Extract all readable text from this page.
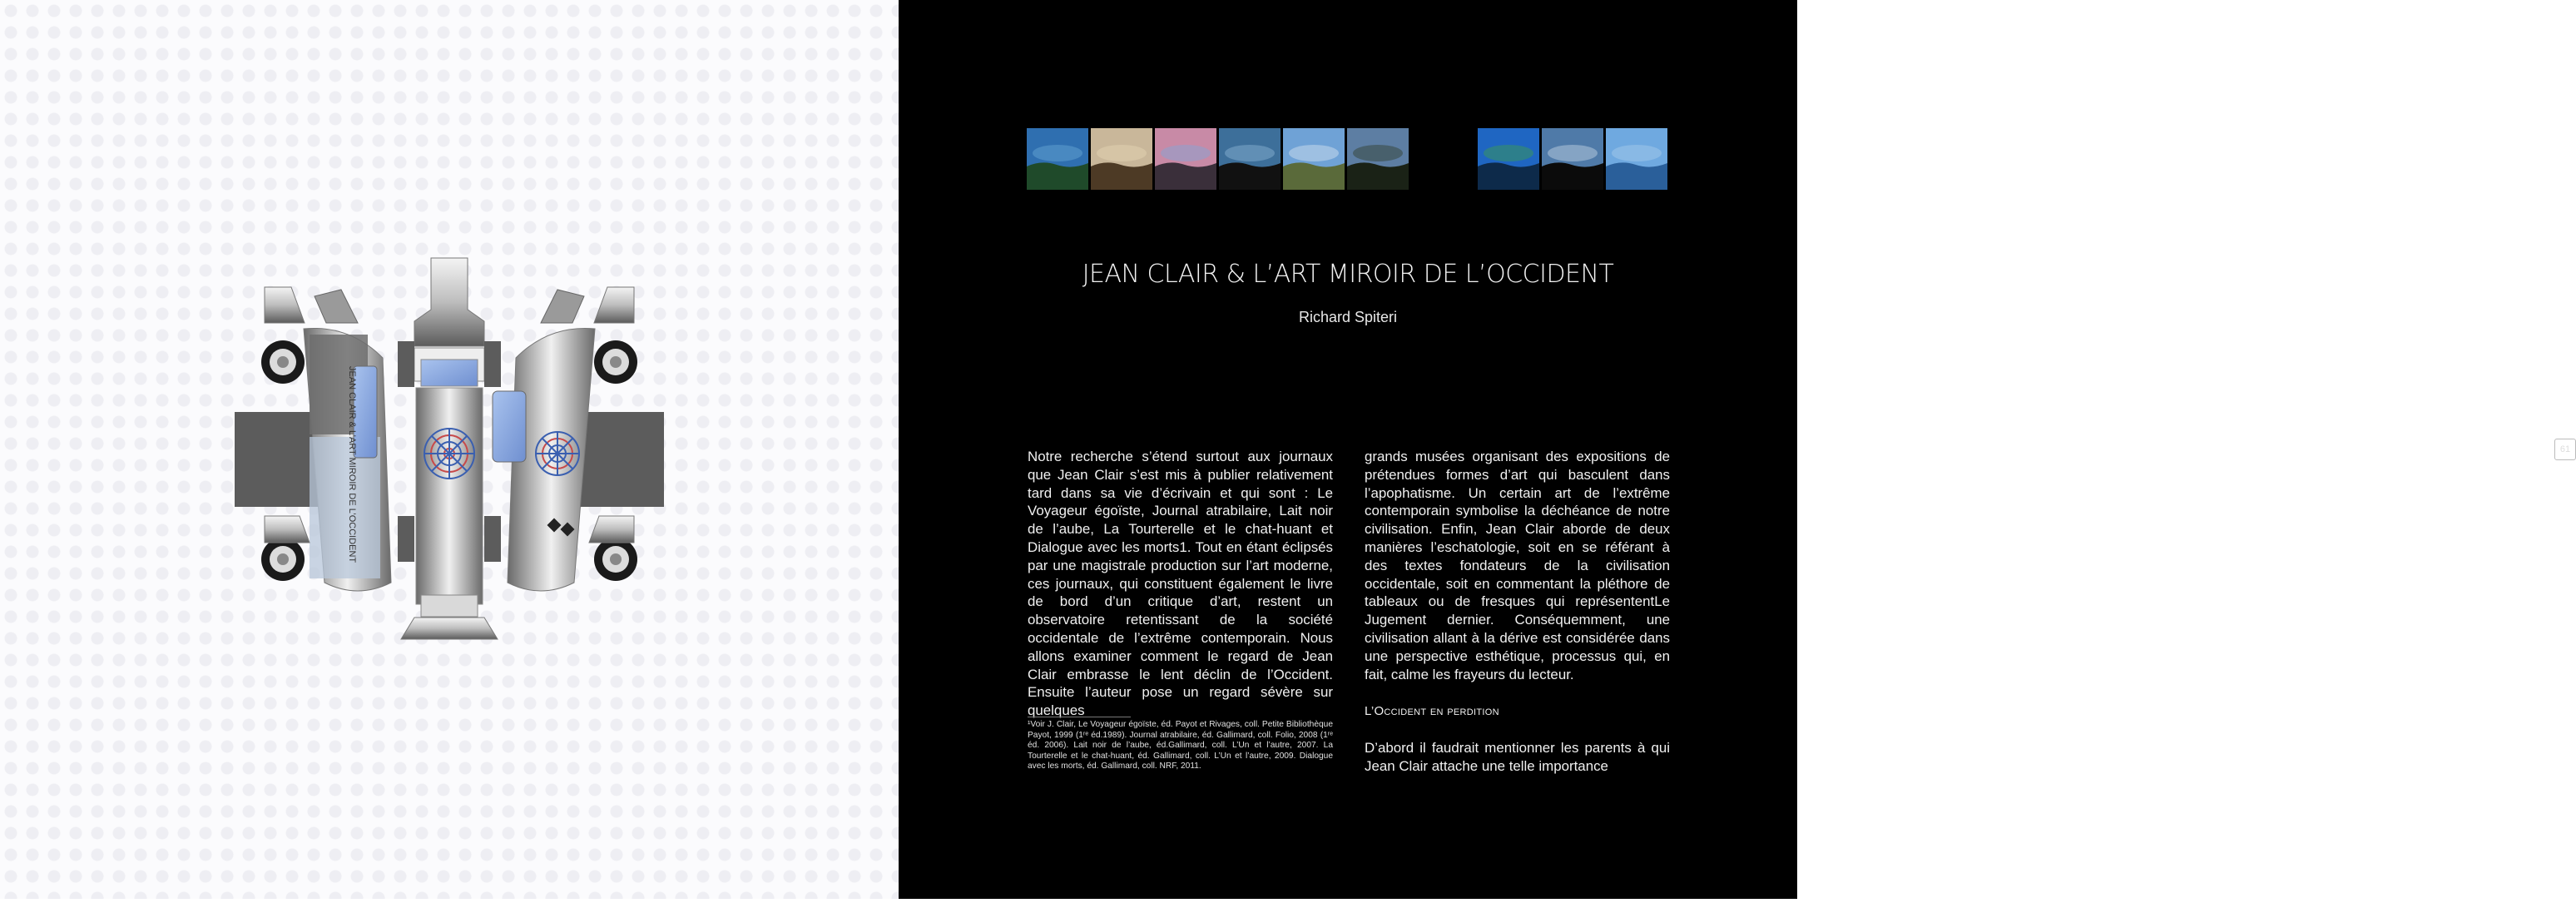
JEAN CLAIR & L’ART MIROIR DE L’OCCIDENT
JEAN CLAIR & L’ART MIROIR DE L’OCCIDENT
Richard Spiteri

Notre recherche s’étend surtout aux journaux que Jean Clair s’est mis à publier relativement tard dans sa vie d’écrivain et qui sont : Le Voyageur égoïste, Journal atrabilaire, Lait noir de l’aube, La Tourterelle et le chat-huant et Dialogue avec les morts1. Tout en étant éclipsés par une magistrale production sur l’art moderne, ces journaux, qui constituent également le livre de bord d’un critique d’art, restent un observatoire retentissant de la société occidentale de l’extrême contemporain. Nous allons examiner comment le regard de Jean Clair embrasse le lent déclin de l’Occident. Ensuite l’auteur pose un regard sévère sur quelques

¹Voir J. Clair, Le Voyageur égoïste, éd. Payot et Rivages, coll. Petite Bibliothèque Payot, 1999 (1ʳᵉ éd.1989). Journal atrabilaire, éd. Gallimard, coll. Folio, 2008 (1ʳᵉ éd. 2006). Lait noir de l’aube, éd.Gallimard, coll. L’Un et l’autre, 2007. La Tourterelle et le chat-huant, éd. Gallimard, coll. L’Un et l’autre, 2009. Dialogue avec les morts, éd. Gallimard, coll. NRF, 2011.

grands musées organisant des expositions de prétendues formes d’art qui basculent dans l’apophatisme. Un certain art de l’extrême contemporain symbolise la déchéance de notre civilisation. Enfin, Jean Clair aborde de deux manières l’eschatologie, soit en se référant à des textes fondateurs de la civilisation occidentale, soit en commentant la pléthore de tableaux ou de fresques qui représententLe Jugement dernier. Conséquemment, une civilisation allant à la dérive est considérée dans une perspective esthétique, processus qui, en fait, calme les frayeurs du lecteur.

L’Occident en perdition

D’abord il faudrait mentionner les parents à qui Jean Clair attache une telle importance

61
